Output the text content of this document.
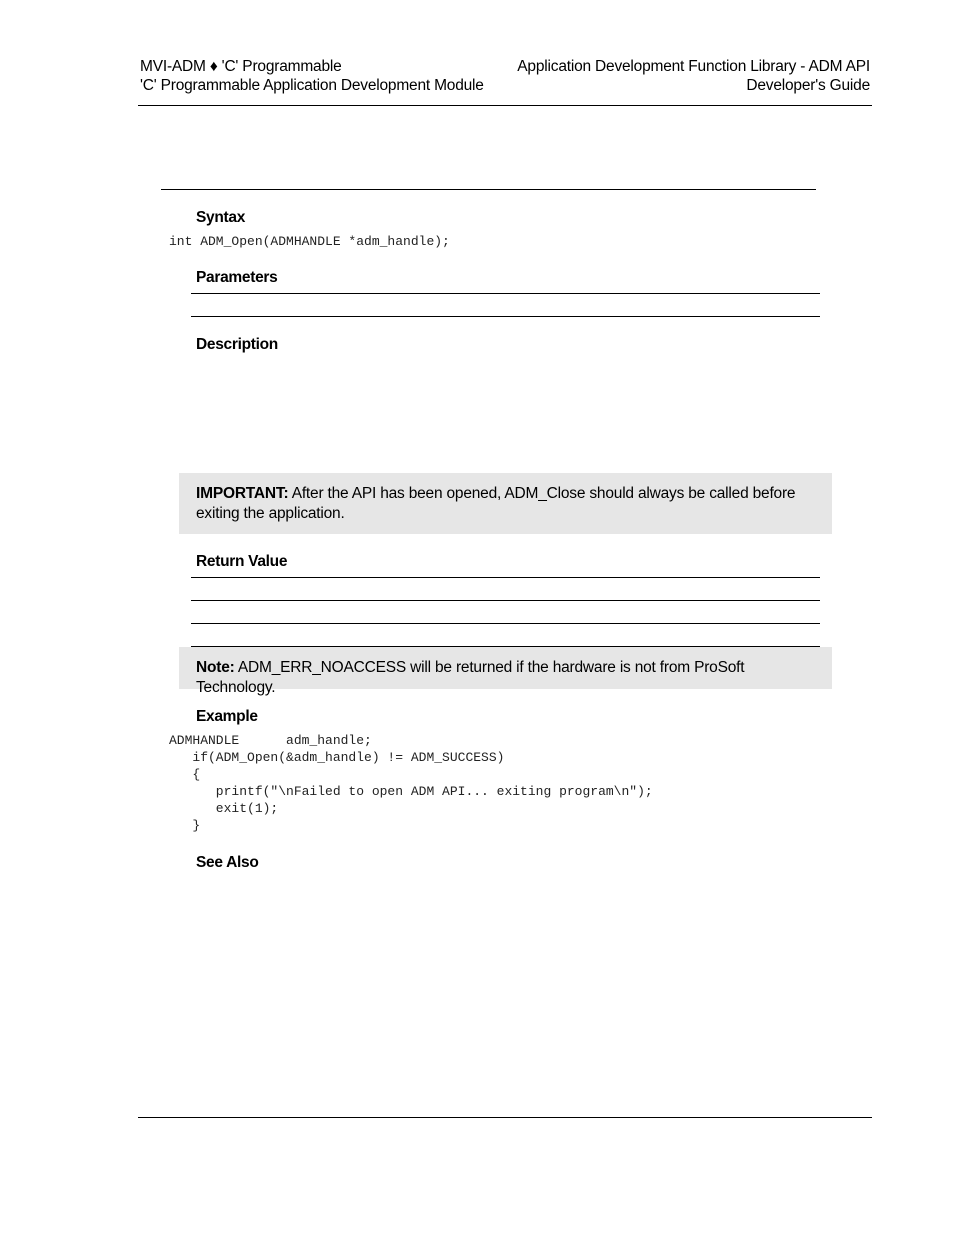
MVI-ADM ♦ 'C' Programmable
'C' Programmable Application Development Module
Application Development Function Library - ADM API
Developer's Guide
Syntax
int ADM_Open(ADMHANDLE *adm_handle);
Parameters
Description
IMPORTANT: After the API has been opened, ADM_Close should always be called before exiting the application.
Return Value
Note: ADM_ERR_NOACCESS will be returned if the hardware is not from ProSoft Technology.
Example
ADMHANDLE      adm_handle;
if(ADM_Open(&adm_handle) != ADM_SUCCESS)
{
printf("\nFailed to open ADM API... exiting program\n");
exit(1);
}
See Also
